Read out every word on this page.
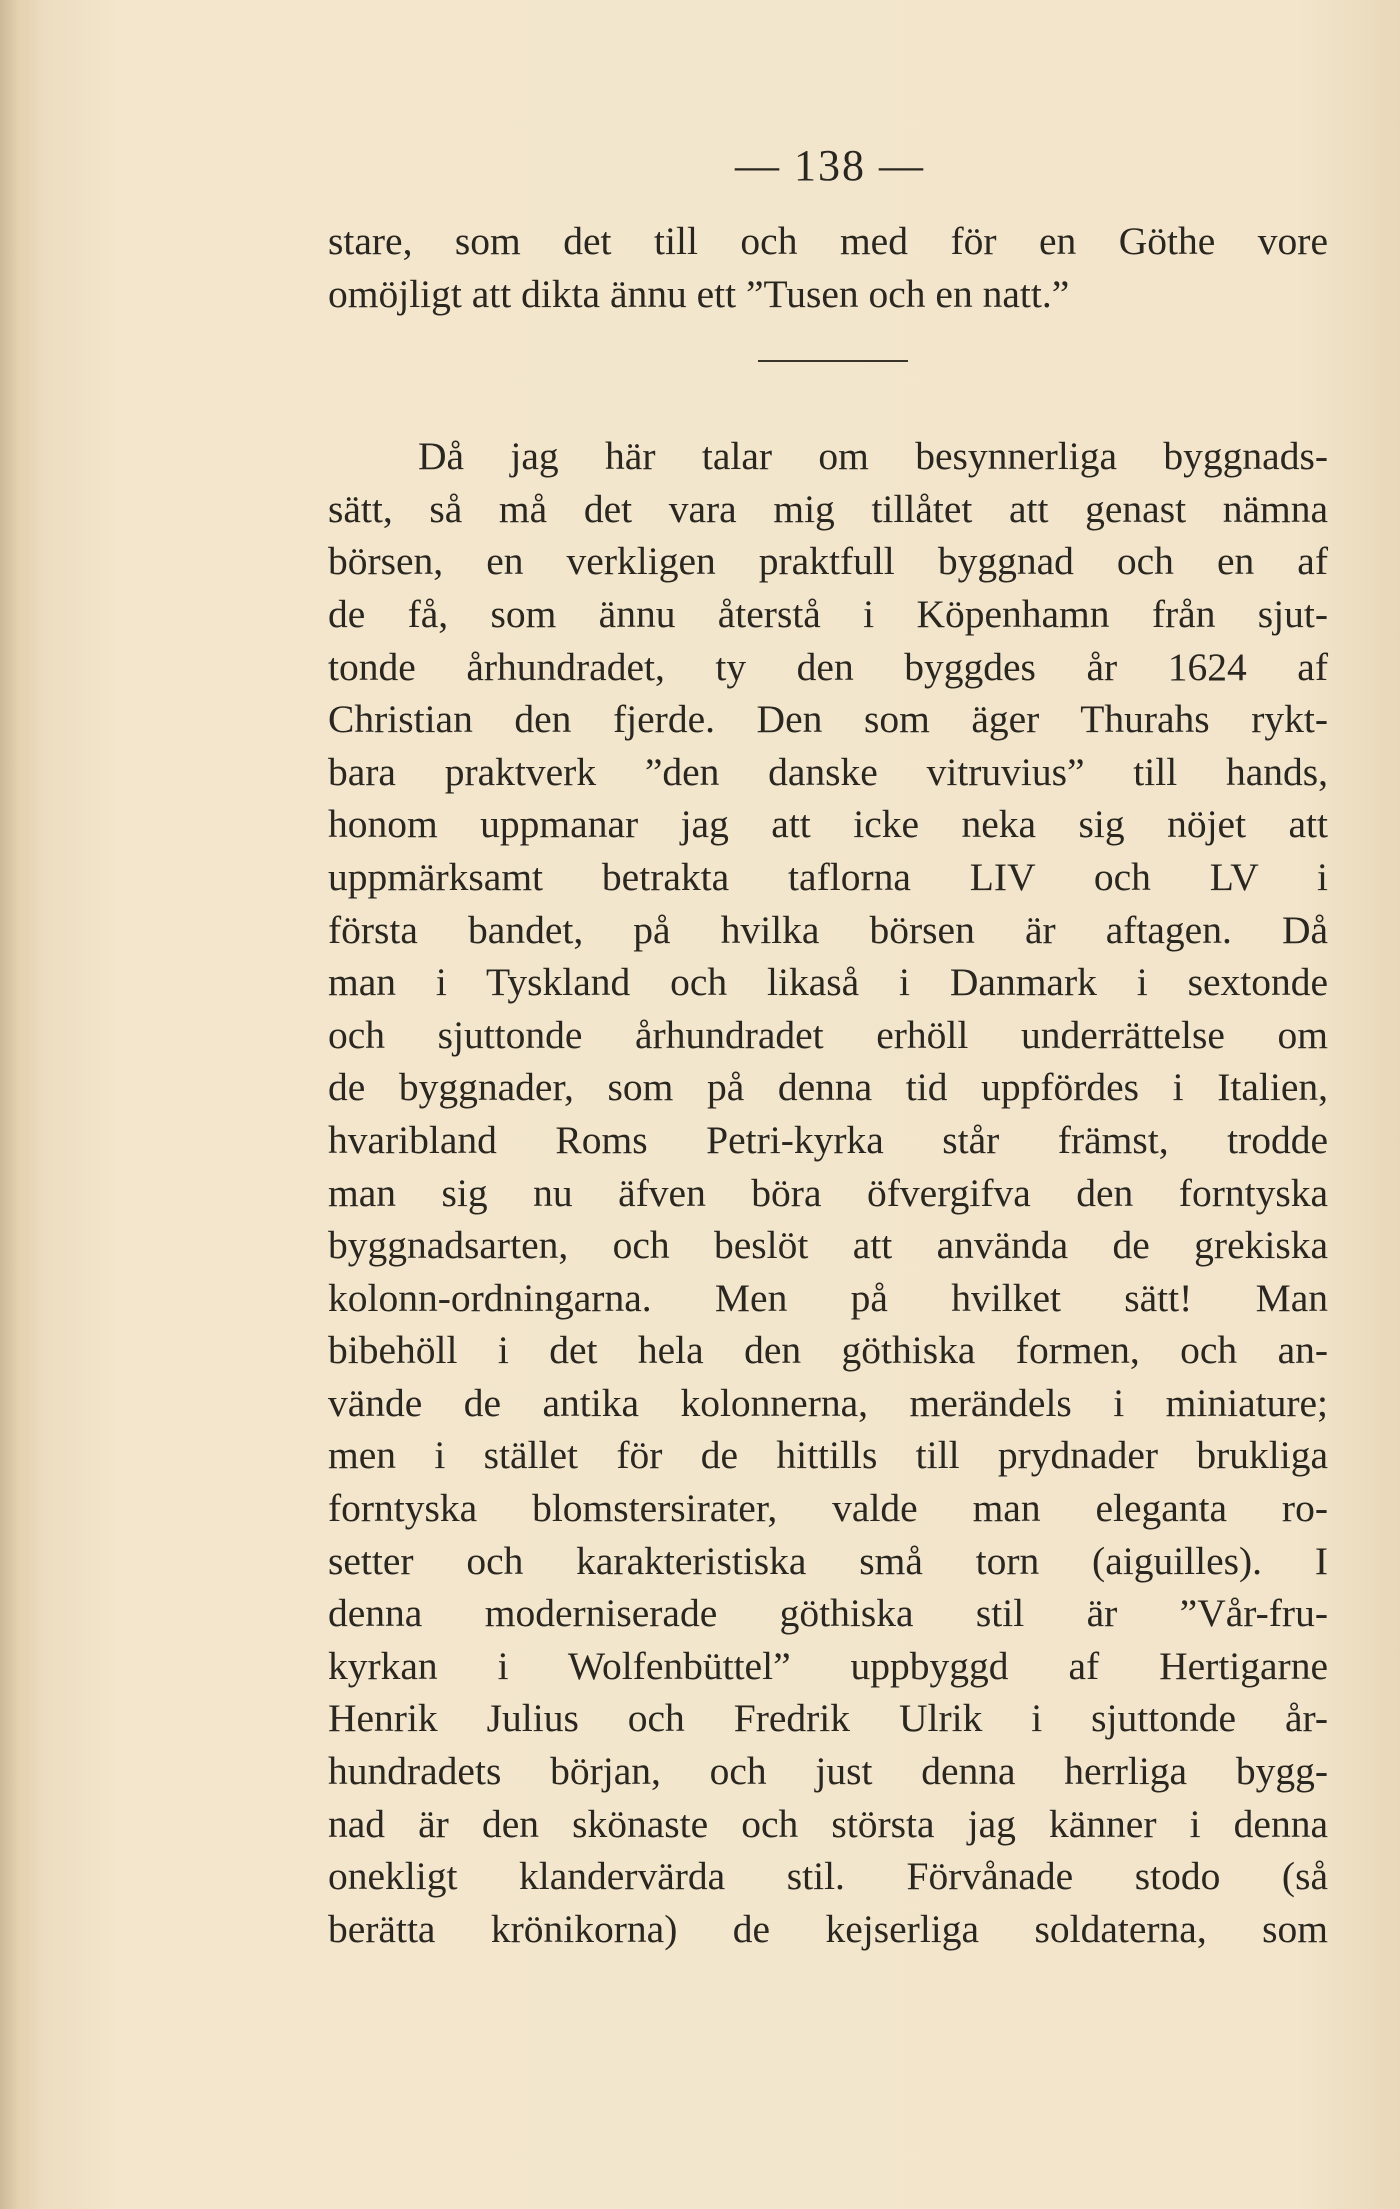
— 138 —
stare, som det till och med för en Göthe vore
omöjligt att dikta ännu ett ”Tusen och en natt.”
Då jag här talar om besynnerliga byggnads-
sätt, så må det vara mig tillåtet att genast nämna
börsen, en verkligen praktfull byggnad och en af
de få, som ännu återstå i Köpenhamn från sjut-
tonde århundradet, ty den byggdes år 1624 af
Christian den fjerde. Den som äger Thurahs rykt-
bara praktverk ”den danske vitruvius” till hands,
honom uppmanar jag att icke neka sig nöjet att
uppmärksamt betrakta taflorna LIV och LV i
första bandet, på hvilka börsen är aftagen. Då
man i Tyskland och likaså i Danmark i sextonde
och sjuttonde århundradet erhöll underrättelse om
de byggnader, som på denna tid uppfördes i Italien,
hvaribland Roms Petri-kyrka står främst, trodde
man sig nu äfven böra öfvergifva den forntyska
byggnadsarten, och beslöt att använda de grekiska
kolonn-ordningarna. Men på hvilket sätt! Man
bibehöll i det hela den göthiska formen, och an-
vände de antika kolonnerna, merändels i miniature;
men i stället för de hittills till prydnader brukliga
forntyska blomstersirater, valde man eleganta ro-
setter och karakteristiska små torn (aiguilles). I
denna moderniserade göthiska stil är ”Vår-fru-
kyrkan i Wolfenbüttel” uppbyggd af Hertigarne
Henrik Julius och Fredrik Ulrik i sjuttonde år-
hundradets början, och just denna herrliga bygg-
nad är den skönaste och största jag känner i denna
onekligt klandervärda stil. Förvånade stodo (så
berätta krönikorna) de kejserliga soldaterna, som
